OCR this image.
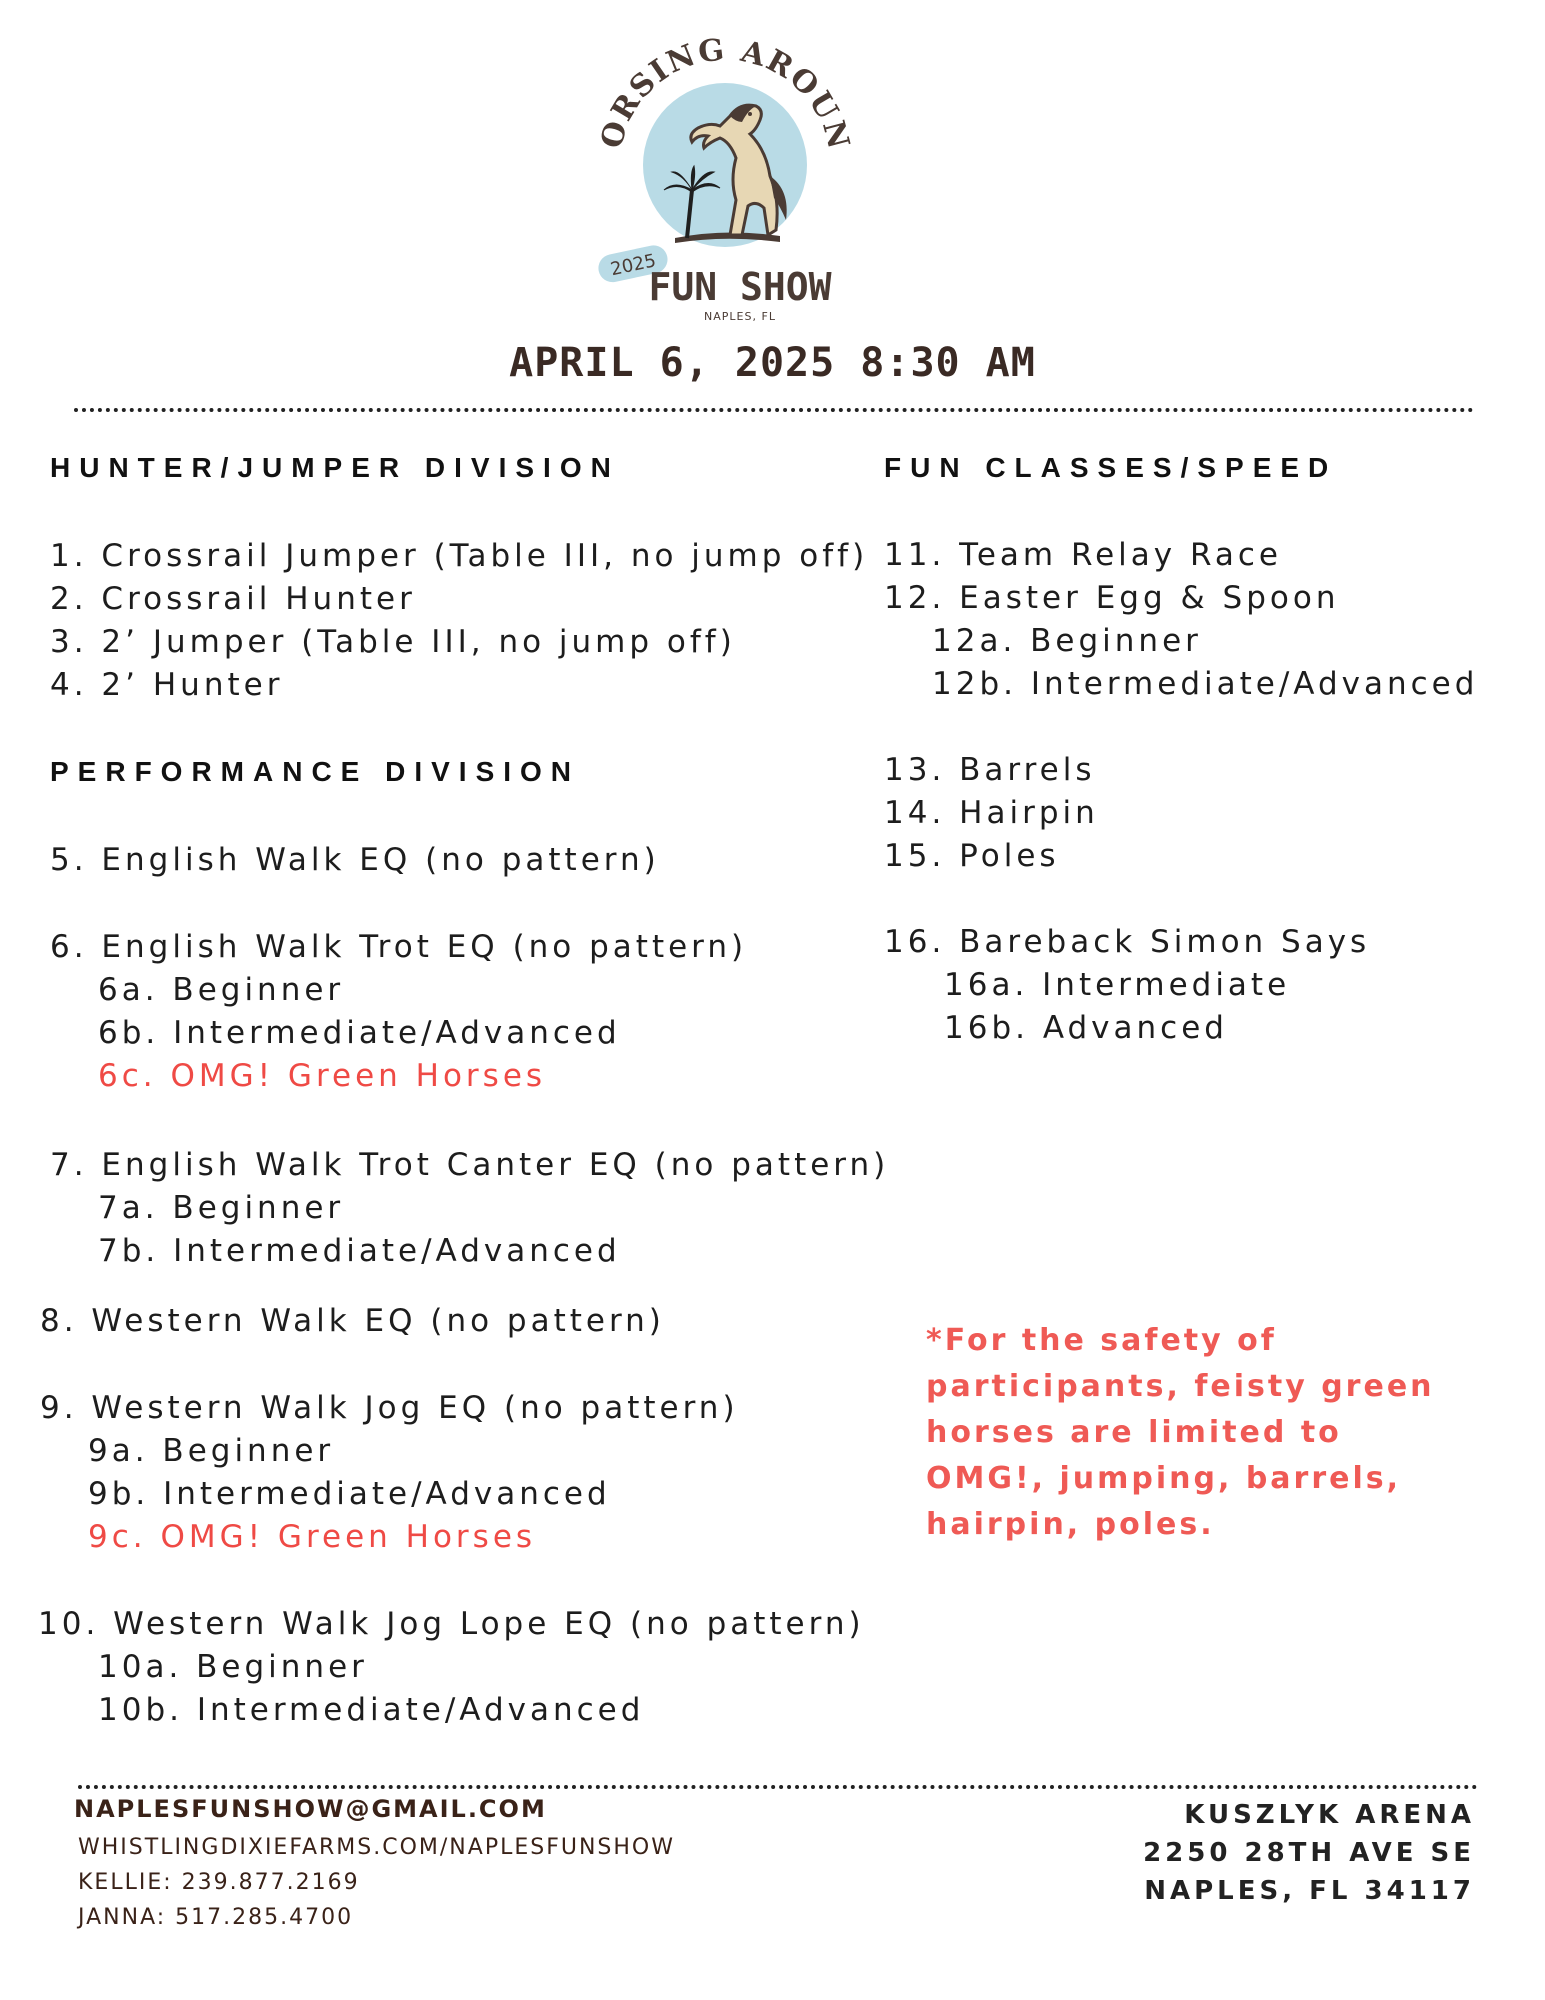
ORSING AROUN
2025
FUN SHOW
NAPLES, FL
APRIL 6, 2025 8:30 AM
HUNTER/JUMPER DIVISION
1. Crossrail Jumper (Table III, no jump off)
2. Crossrail Hunter
3. 2’ Jumper (Table III, no jump off)
4. 2’ Hunter
PERFORMANCE DIVISION
5. English Walk EQ (no pattern)
6. English Walk Trot EQ (no pattern)
6a. Beginner
6b. Intermediate/Advanced
6c. OMG! Green Horses
7. English Walk Trot Canter EQ (no pattern)
7a. Beginner
7b. Intermediate/Advanced
8. Western Walk EQ (no pattern)
9. Western Walk Jog EQ (no pattern)
9a. Beginner
9b. Intermediate/Advanced
9c. OMG! Green Horses
10. Western Walk Jog Lope EQ (no pattern)
10a. Beginner
10b. Intermediate/Advanced
FUN CLASSES/SPEED
11. Team Relay Race
12. Easter Egg & Spoon
12a. Beginner
12b. Intermediate/Advanced
13. Barrels
14. Hairpin
15. Poles
16. Bareback Simon Says
16a. Intermediate
16b. Advanced
*For the safety of participants, feisty green horses are limited to OMG!, jumping, barrels, hairpin, poles.
NAPLESFUNSHOW@GMAIL.COM
WHISTLINGDIXIEFARMS.COM/NAPLESFUNSHOW
KELLIE: 239.877.2169
JANNA: 517.285.4700
KUSZLYK ARENA
2250 28TH AVE SE
NAPLES, FL 34117
